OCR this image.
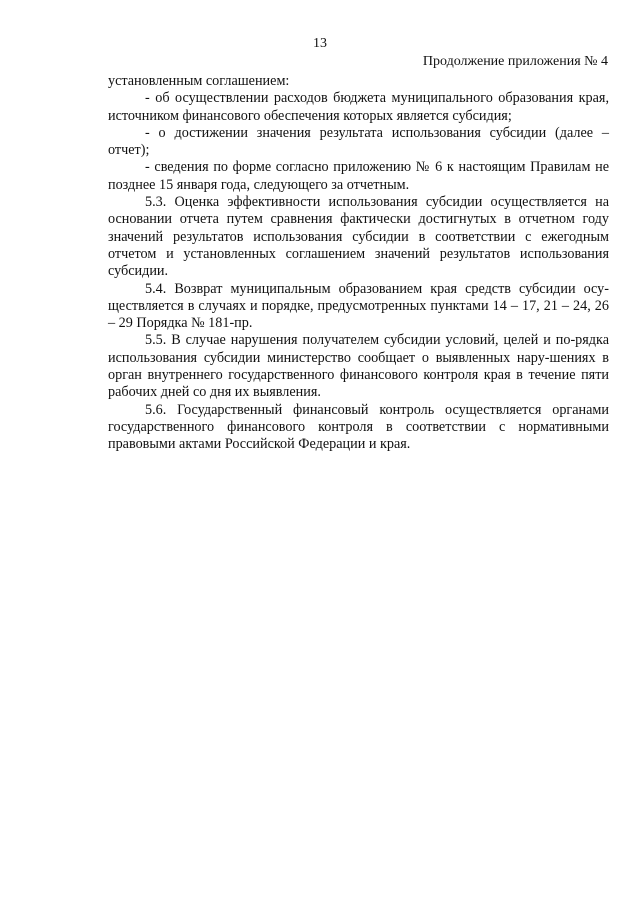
13
Продолжение приложения № 4

установленным соглашением:

- об осуществлении расходов бюджета муниципального образования края, источником финансового обеспечения которых является субсидия;

- о достижении значения результата использования субсидии (далее – отчет);

- сведения по форме согласно приложению № 6 к настоящим Правилам не позднее 15 января года, следующего за отчетным.

5.3. Оценка эффективности использования субсидии осуществляется на основании отчета путем сравнения фактически достигнутых в отчетном году значений результатов использования субсидии в соответствии с ежегодным отчетом и установленных соглашением значений результатов использования субсидии.

5.4. Возврат муниципальным образованием края средств субсидии осу-ществляется в случаях и порядке, предусмотренных пунктами 14 – 17, 21 – 24, 26 – 29 Порядка № 181-пр.

5.5. В случае нарушения получателем субсидии условий, целей и по-рядка использования субсидии министерство сообщает о выявленных нару-шениях в орган внутреннего государственного финансового контроля края в течение пяти рабочих дней со дня их выявления.

5.6. Государственный финансовый контроль осуществляется органами государственного финансового контроля в соответствии с нормативными правовыми актами Российской Федерации и края.
